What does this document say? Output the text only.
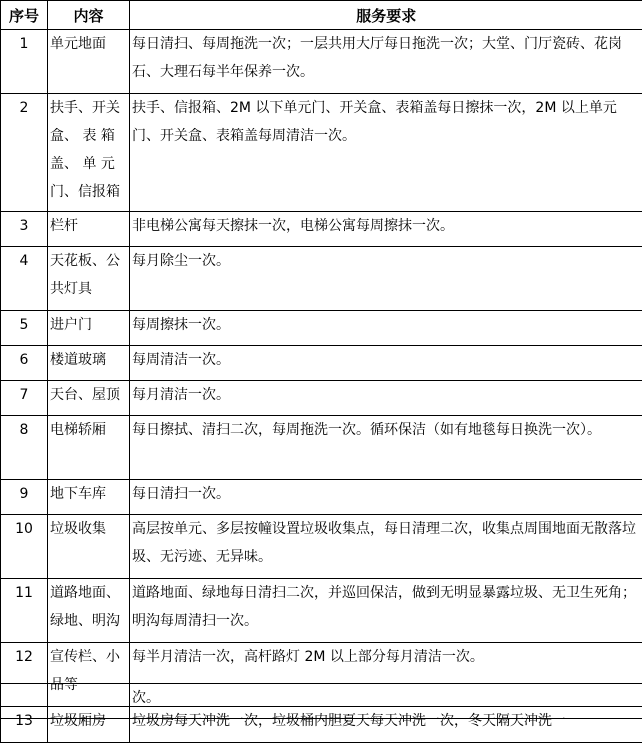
序号	内容	服务要求
1	单元地面	每日清扫、每周拖洗一次；一层共用大厅每日拖洗一次；大堂、门厅瓷砖、花岗石、大理石每半年保养一次。
2	扶手、开关盒、 表 箱盖、 单 元门、信报箱	扶手、信报箱、2M 以下单元门、开关盒、表箱盖每日擦抹一次，2M 以上单元门、开关盒、表箱盖每周清洁一次。
3	栏杆	非电梯公寓每天擦抹一次，电梯公寓每周擦抹一次。
4	天花板、公共灯具	每月除尘一次。
5	进户门	每周擦抹一次。
6	楼道玻璃	每周清洁一次。
7	天台、屋顶	每月清洁一次。
8	电梯轿厢	每日擦拭、清扫二次，每周拖洗一次。循环保洁（如有地毯每日换洗一次）。
9	地下车库	每日清扫一次。
10	垃圾收集	高层按单元、多层按幢设置垃圾收集点，每日清理二次，收集点周围地面无散落垃圾、无污迹、无异味。
11	道路地面、绿地、明沟	道路地面、绿地每日清扫二次，并巡回保洁，做到无明显暴露垃圾、无卫生死角；明沟每周清扫一次。
12	宣传栏、小品等	每半月清洁一次，高杆路灯 2M 以上部分每月清洁一次。
13	垃圾厢房	垃圾房每天冲洗一次，垃圾桶内胆夏天每天冲洗一次，冬天隔天冲洗一
		次。
